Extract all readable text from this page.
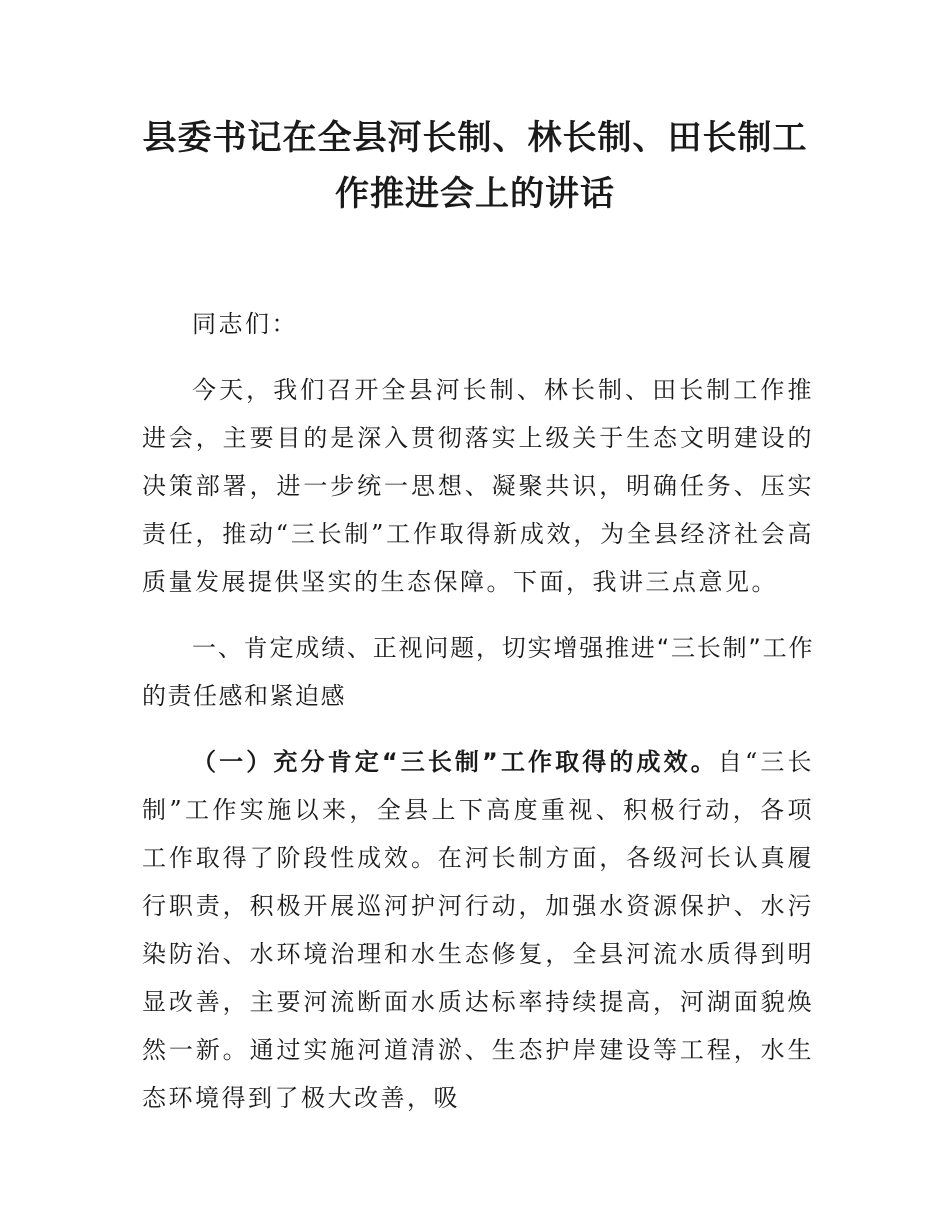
县委书记在全县河长制、林长制、田长制工
作推进会上的讲话

同志们：

今天，我们召开全县河长制、林长制、田长制工作推进会，主要目的是深入贯彻落实上级关于生态文明建设的决策部署，进一步统一思想、凝聚共识，明确任务、压实责任，推动“三长制”工作取得新成效，为全县经济社会高质量发展提供坚实的生态保障。下面，我讲三点意见。

一、肯定成绩、正视问题，切实增强推进“三长制”工作的责任感和紧迫感

（一）充分肯定“三长制”工作取得的成效。自“三长制”工作实施以来，全县上下高度重视、积极行动，各项工作取得了阶段性成效。在河长制方面，各级河长认真履行职责，积极开展巡河护河行动，加强水资源保护、水污染防治、水环境治理和水生态修复，全县河流水质得到明显改善，主要河流断面水质达标率持续提高，河湖面貌焕然一新。通过实施河道清淤、生态护岸建设等工程，水生态环境得到了极大改善，吸
